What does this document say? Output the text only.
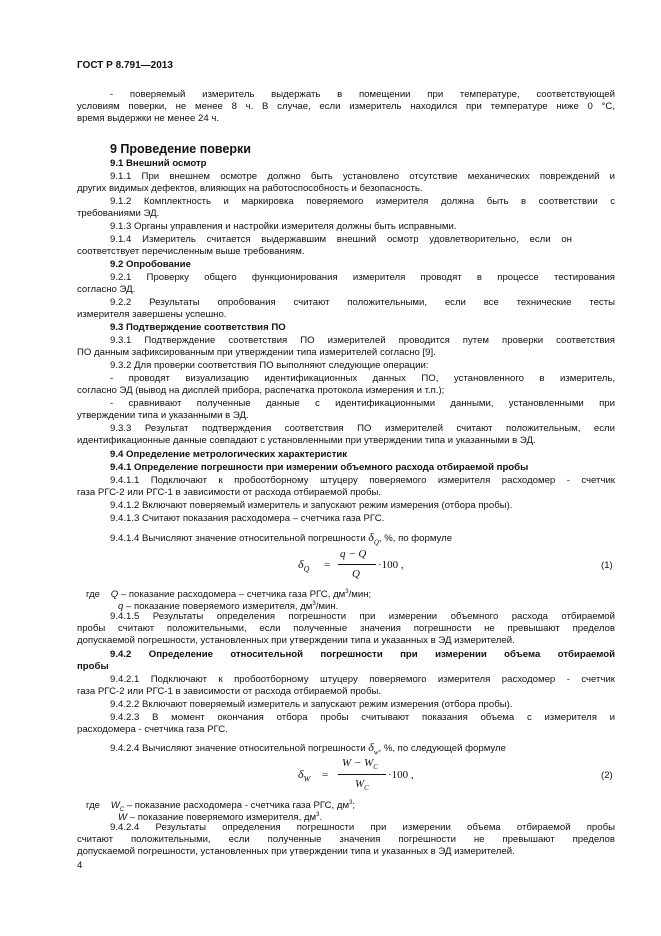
ГОСТ Р 8.791—2013
- поверяемый измеритель выдержать в помещении при температуре, соответствующей
условиям поверки, не менее 8 ч. В случае, если измеритель находился при температуре ниже 0 °С,
время выдержки не менее 24 ч.
9 Проведение поверки
9.1 Внешний осмотр
9.1.1 При внешнем осмотре должно быть установлено отсутствие механических повреждений и
других видимых дефектов, влияющих на работоспособность и безопасность.
9.1.2 Комплектность и маркировка поверяемого измерителя должна быть в соответствии с
требованиями ЭД.
9.1.3 Органы управления и настройки измерителя должны быть исправными.
9.1.4 Измеритель считается выдержавшим внешний осмотр удовлетворительно, если он
соответствует перечисленным выше требованиям.
9.2 Опробование
9.2.1 Проверку общего функционирования измерителя проводят в процессе тестирования
согласно ЭД.
9.2.2 Результаты опробования считают положительными, если все технические тесты
измерителя завершены успешно.
9.3 Подтверждение соответствия ПО
9.3.1 Подтверждение соответствия ПО измерителей проводится путем проверки соответствия
ПО данным зафиксированным при утверждении типа измерителей согласно [9].
9.3.2 Для проверки соответствия ПО выполняют следующие операции:
- проводят визуализацию идентификационных данных ПО, установленного в измеритель,
согласно ЭД (вывод на дисплей прибора, распечатка протокола измерения и т.п.);
- сравнивают полученные данные с идентификационными данными, установленными при
утверждении типа и указанными в ЭД.
9.3.3 Результат подтверждения соответствия ПО измерителей считают положительным, если
идентификационные данные совпадают с установленными при утверждении типа и указанными в ЭД.
9.4 Определение метрологических характеристик
9.4.1 Определение погрешности при измерении объемного расхода отбираемой пробы
9.4.1.1 Подключают к пробоотборному штуцеру поверяемого измерителя расходомер - счетчик
газа РГС-2 или РГС-1 в зависимости от расхода отбираемой пробы.
9.4.1.2 Включают поверяемый измеритель и запускают режим измерения (отбора пробы).
9.4.1.3 Считают показания расходомера – счетчика газа РГС.
9.4.1.4 Вычисляют значение относительной погрешности $\delta_Q$, %, по формуле
$\delta_Q$ =
q − Q
Q
·100 ,	(1)
где Q – показание расходомера – счетчика газа РГС, $дм^3$/мин;
q – показание поверяемого измерителя, $дм^3$/мин.
9.4.1.5 Результаты определения погрешности при измерении объемного расхода отбираемой
пробы считают положительными, если полученные значения погрешности не превышают пределов
допускаемой погрешности, установленных при утверждении типа и указанных в ЭД измерителей.
9.4.2 Определение относительной погрешности при измерении объема отбираемой
пробы
9.4.2.1 Подключают к пробоотборному штуцеру поверяемого измерителя расходомер - счетчик
газа РГС-2 или РГС-1 в зависимости от расхода отбираемой пробы.
9.4.2.2 Включают поверяемый измеритель и запускают режим измерения (отбора пробы).
9.4.2.3 В момент окончания отбора пробы считывают показания объема с измерителя и
расходомера - счетчика газа РГС.
9.4.2.4 Вычисляют значение относительной погрешности $\delta_w$, %, по следующей формуле
$\delta_W$ =
$W - W_C$
$W_C$
·100 ,	(2)
где $W_C$ – показание расходомера - счетчика газа РГС, $дм^3$;
W – показание поверяемого измерителя, $дм^3$.
9.4.2.4 Результаты определения погрешности при измерении объема отбираемой пробы
считают положительными, если полученные значения погрешности не превышают пределов
допускаемой погрешности, установленных при утверждении типа и указанных в ЭД измерителей.
4
